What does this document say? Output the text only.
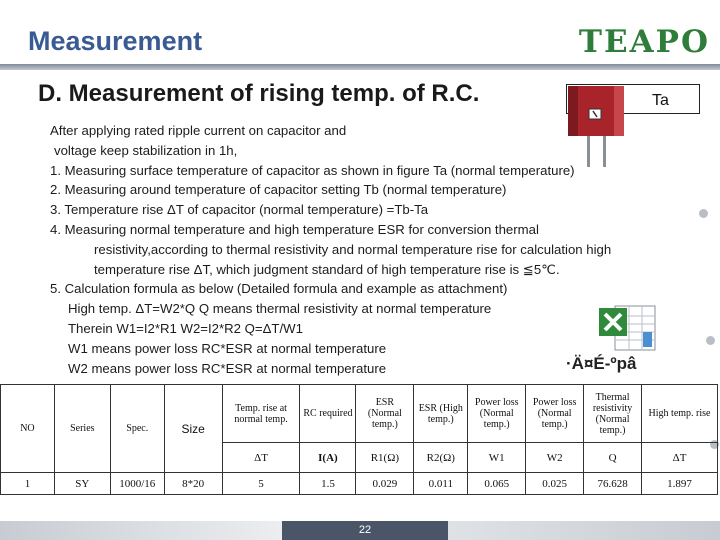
Measurement	TEAPO
D. Measurement of rising temp. of R.C.	Ta
After applying rated ripple current on capacitor and
voltage keep stabilization in 1h,
1. Measuring surface temperature of capacitor as shown in figure Ta (normal temperature)
2. Measuring around temperature of capacitor setting Tb (normal temperature)
3. Temperature rise ΔT of capacitor (normal temperature) =Tb-Ta
4. Measuring normal temperature and high temperature ESR for conversion thermal
resistivity,according to thermal resistivity and normal temperature rise for calculation high
temperature rise ΔT, which judgment standard of high temperature rise is ≦5℃.
5. Calculation formula as below (Detailed formula and example as attachment)
High temp. ΔT=W2*Q Q means thermal resistivity at normal temperature
Therein W1=I2*R1 W2=I2*R2 Q=ΔT/W1
W1 means power loss RC*ESR at normal temperature
W2 means power loss RC*ESR at normal temperature	·Ä¤É-ºpâ
NO	Series	Spec.	Size	Temp. rise at normal temp.	RC required	ESR (Normal temp.)	ESR (High temp.)	Power loss (Normal temp.)	Power loss (Normal temp.)	Thermal resistivity (Normal temp.)	High temp. rise
				ΔT	I(A)	R1(Ω)	R2(Ω)	W1	W2	Q	ΔT
1	SY	1000/16	8*20	5	1.5	0.029	0.011	0.065	0.025	76.628	1.897
22
